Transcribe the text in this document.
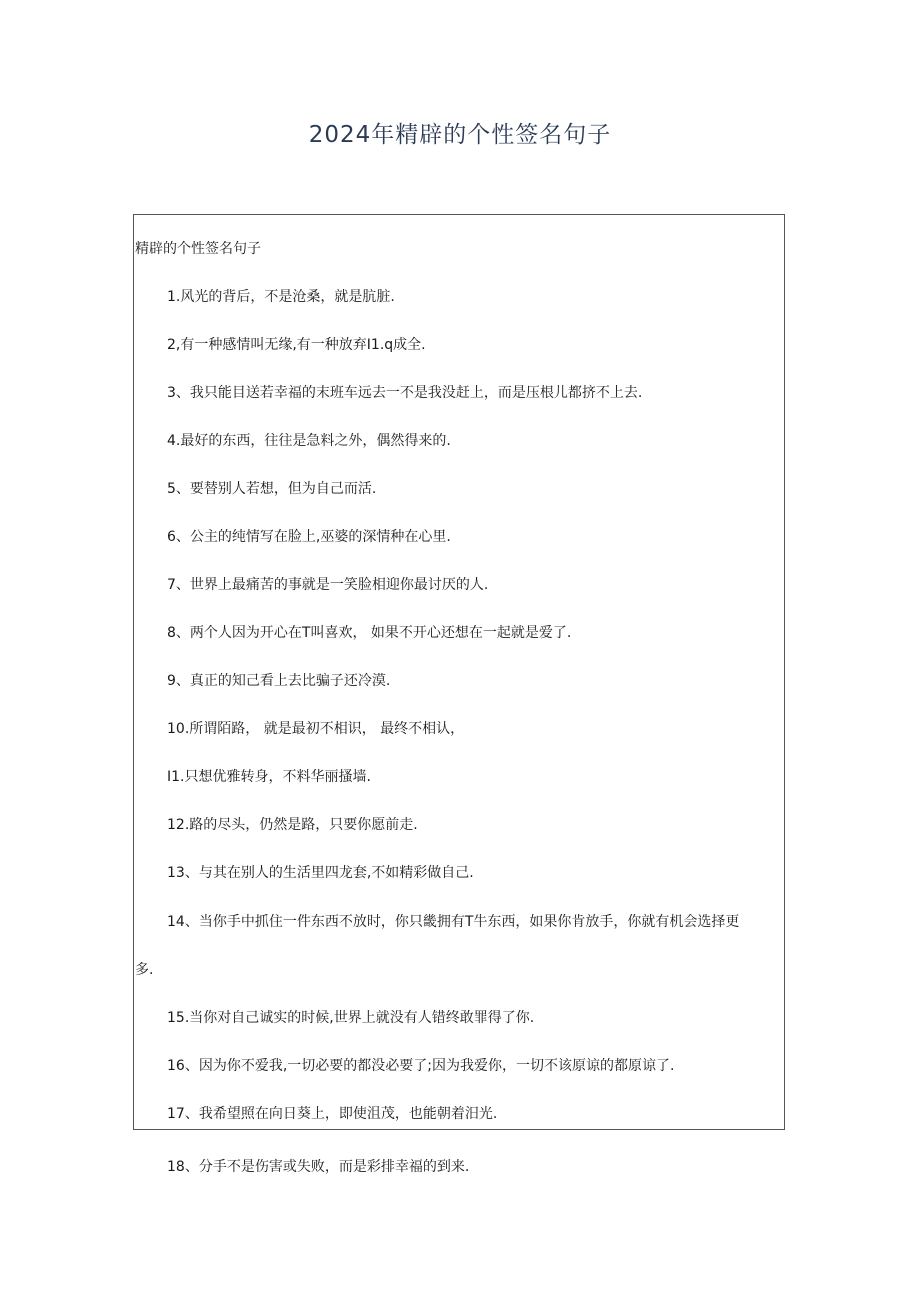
2024年精辟的个性签名句子
精辟的个性签名句子
1.风光的背后，不是沧桑，就是肮脏.
2,有一种感情叫无缘,有一种放弃I1.q成全.
3、我只能目送若幸福的末班车远去一不是我没赶上，而是压根儿都挤不上去.
4.最好的东西，往往是急料之外，偶然得来的.
5、要替别人若想，但为自己而活.
6、公主的纯情写在脸上,巫婆的深情种在心里.
7、世界上最痛苦的事就是一笑脸相迎你最讨厌的人.
8、两个人因为开心在T叫喜欢， 如果不开心还想在一起就是爱了.
9、真正的知己看上去比骗子还冷漠.
10.所谓陌路， 就是最初不相识， 最终不相认，
I1.只想优雅转身，不料华丽搔墙.
12.路的尽头，仍然是路，只要你愿前走.
13、与其在别人的生活里四龙套,不如精彩做自己.
14、当你手中抓住一件东西不放时，你只畿拥有T牛东西，如果你肯放手，你就有机会选择更
多.
15.当你对自己诚实的时候,世界上就没有人错终敢罪得了你.
16、因为你不爱我,一切必要的都没必要了;因为我爱你，一切不该原谅的都原谅了.
17、我希望照在向日葵上，即使沮茂，也能朝着汨光.
18、分手不是伤害或失败，而是彩排幸福的到来.
